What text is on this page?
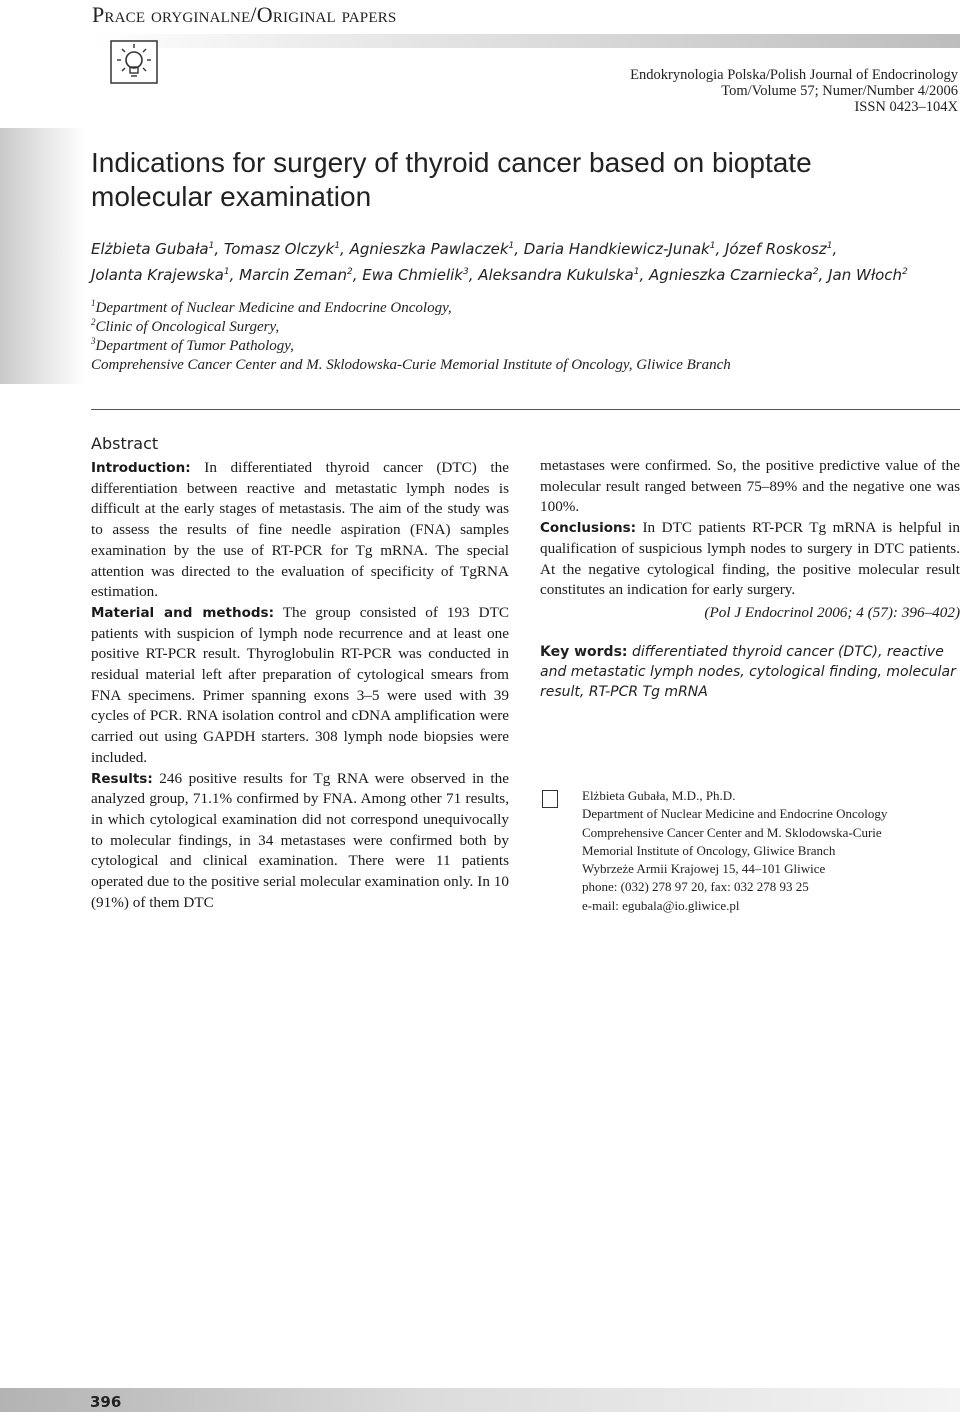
Prace oryginalne/Original papers
Endokrynologia Polska/Polish Journal of Endocrinology
Tom/Volume 57; Numer/Number 4/2006
ISSN 0423–104X
Indications for surgery of thyroid cancer based on bioptate
molecular examination
Elżbieta Gubała$^1$, Tomasz Olczyk$^1$, Agnieszka Pawlaczek$^1$, Daria Handkiewicz-Junak$^1$, Józef Roskosz$^1$,
Jolanta Krajewska$^1$, Marcin Zeman$^2$, Ewa Chmielik$^3$, Aleksandra Kukulska$^1$, Agnieszka Czarniecka$^2$, Jan Włoch$^2$
$^1$Department of Nuclear Medicine and Endocrine Oncology,
$^2$Clinic of Oncological Surgery,
$^3$Department of Tumor Pathology,
Comprehensive Cancer Center and M. Sklodowska-Curie Memorial Institute of Oncology, Gliwice Branch
Abstract

Introduction: In differentiated thyroid cancer (DTC) the differentiation between reactive and metastatic lymph nodes is difficult at the early stages of metastasis. The aim of the study was to assess the results of fine needle aspiration (FNA) samples examination by the use of RT-PCR for Tg mRNA. The special attention was directed to the evaluation of specificity of TgRNA estimation.

Material and methods: The group consisted of 193 DTC patients with suspicion of lymph node recurrence and at least one positive RT-PCR result. Thyroglobulin RT-PCR was conducted in residual material left after preparation of cytological smears from FNA specimens. Primer spanning exons 3–5 were used with 39 cycles of PCR. RNA isolation control and cDNA amplification were carried out using GAPDH starters. 308 lymph node biopsies were included.

Results: 246 positive results for Tg RNA were observed in the analyzed group, 71.1% confirmed by FNA. Among other 71 results, in which cytological examination did not correspond unequivocally to molecular findings, in 34 metastases were confirmed both by cytological and clinical examination. There were 11 patients operated due to the positive serial molecular examination only. In 10 (91%) of them DTC

metastases were confirmed. So, the positive predictive value of the molecular result ranged between 75–89% and the negative one was 100%.

Conclusions: In DTC patients RT-PCR Tg mRNA is helpful in qualification of suspicious lymph nodes to surgery in DTC patients. At the negative cytological finding, the positive molecular result constitutes an indication for early surgery.

(Pol J Endocrinol 2006; 4 (57): 396–402)

Key words: differentiated thyroid cancer (DTC), reactive and metastatic lymph nodes, cytological finding, molecular result, RT-PCR Tg mRNA
Elżbieta Gubała, M.D., Ph.D.
Department of Nuclear Medicine and Endocrine Oncology
Comprehensive Cancer Center and M. Sklodowska-Curie
Memorial Institute of Oncology, Gliwice Branch
Wybrzeże Armii Krajowej 15, 44–101 Gliwice
phone: (032) 278 97 20, fax: 032 278 93 25
e-mail: egubala@io.gliwice.pl
396
